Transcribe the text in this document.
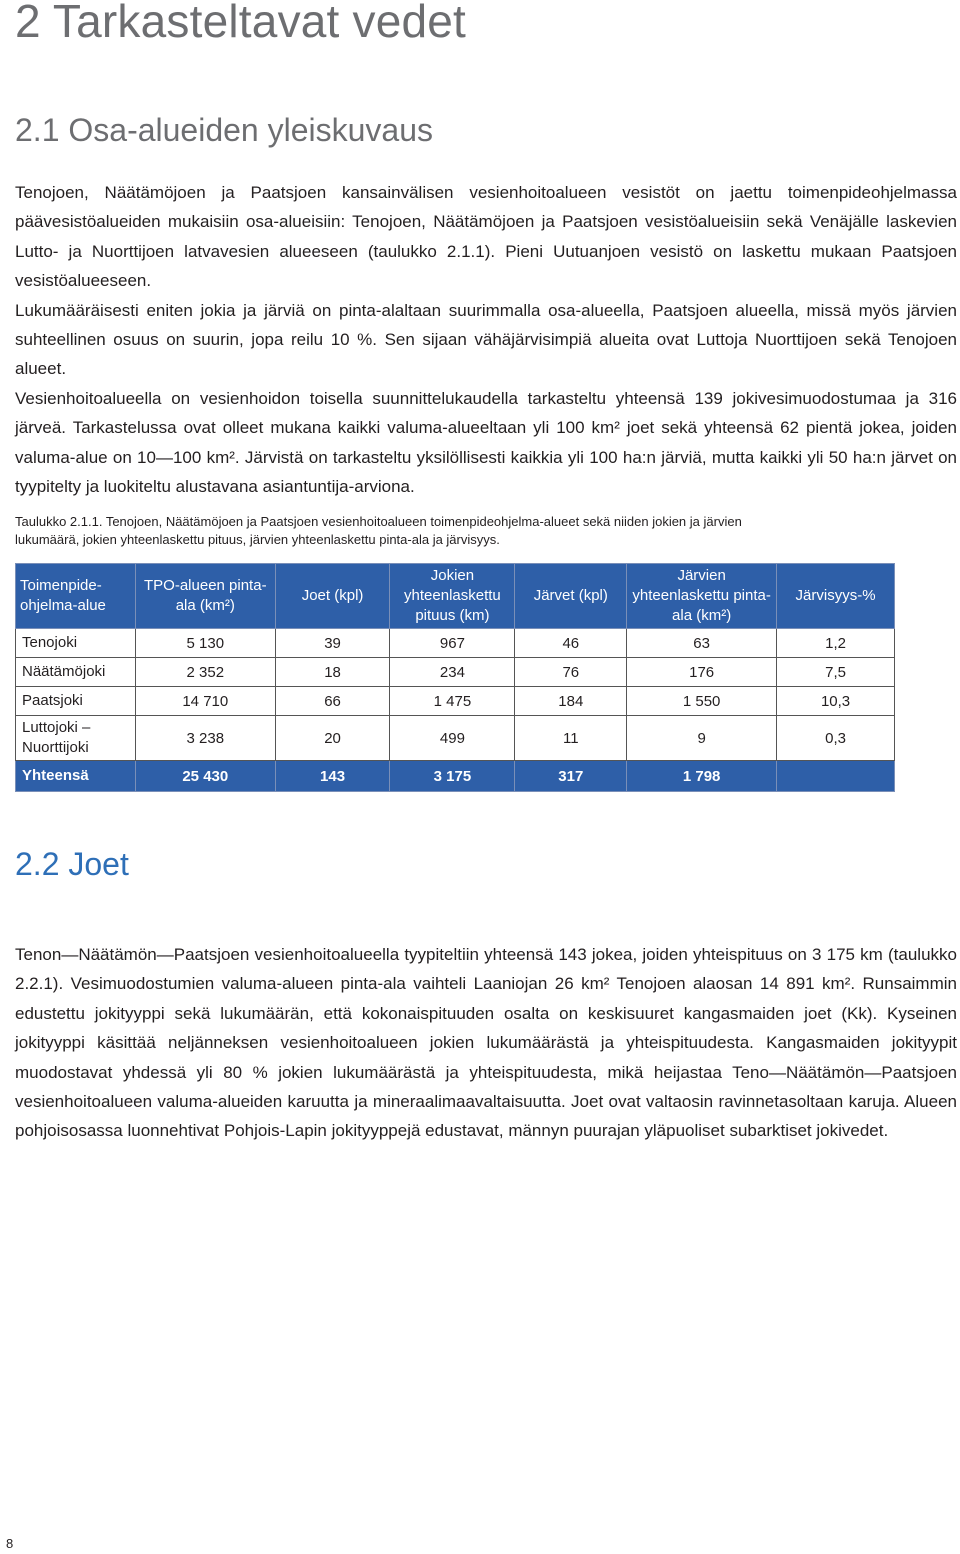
2 Tarkasteltavat vedet
2.1 Osa-alueiden yleiskuvaus

Tenojoen, Näätämöjoen ja Paatsjoen kansainvälisen vesienhoitoalueen vesistöt on jaettu toimenpideohjelmassa päävesistöalueiden mukaisiin osa-alueisiin: Tenojoen, Näätämöjoen ja Paatsjoen vesistöalueisiin sekä Venäjälle laskevien Lutto- ja Nuorttijoen latvavesien alueeseen (taulukko 2.1.1). Pieni Uutuanjoen vesistö on laskettu mukaan Paatsjoen vesistöalueeseen.

Lukumääräisesti eniten jokia ja järviä on pinta-alaltaan suurimmalla osa-alueella, Paatsjoen alueella, missä myös järvien suhteellinen osuus on suurin, jopa reilu 10 %. Sen sijaan vähäjärvisimpiä alueita ovat Luttoja Nuorttijoen sekä Tenojoen alueet.

Vesienhoitoalueella on vesienhoidon toisella suunnittelukaudella tarkasteltu yhteensä 139 jokivesimuodostumaa ja 316 järveä. Tarkastelussa ovat olleet mukana kaikki valuma-alueeltaan yli 100 km² joet sekä yhteensä 62 pientä jokea, joiden valuma-alue on 10—100 km². Järvistä on tarkasteltu yksilöllisesti kaikkia yli 100 ha:n järviä, mutta kaikki yli 50 ha:n järvet on tyypitelty ja luokiteltu alustavana asiantuntija-arviona.

Taulukko 2.1.1. Tenojoen, Näätämöjoen ja Paatsjoen vesienhoitoalueen toimenpideohjelma-alueet sekä niiden jokien ja järvien
lukumäärä, jokien yhteenlaskettu pituus, järvien yhteenlaskettu pinta-ala ja järvisyys.
Toimenpide-ohjelma-alue	TPO-alueen pinta-ala (km²)	Joet (kpl)	Jokien yhteenlaskettu pituus (km)	Järvet (kpl)	Järvien yhteenlaskettu pinta-ala (km²)	Järvisyys-%
Tenojoki	5 130	39	967	46	63	1,2
Näätämöjoki	2 352	18	234	76	176	7,5
Paatsjoki	14 710	66	1 475	184	1 550	10,3
Luttojoki – Nuorttijoki	3 238	20	499	11	9	0,3
Yhteensä	25 430	143	3 175	317	1 798	
2.2 Joet

Tenon—Näätämön—Paatsjoen vesienhoitoalueella tyypiteltiin yhteensä 143 jokea, joiden yhteispituus on 3 175 km (taulukko 2.2.1). Vesimuodostumien valuma-alueen pinta-ala vaihteli Laaniojan 26 km² Tenojoen alaosan 14 891 km². Runsaimmin edustettu jokityyppi sekä lukumäärän, että kokonaispituuden osalta on keskisuuret kangasmaiden joet (Kk). Kyseinen jokityyppi käsittää neljänneksen vesienhoitoalueen jokien lukumäärästä ja yhteispituudesta. Kangasmaiden jokityypit muodostavat yhdessä yli 80 % jokien lukumäärästä ja yhteispituudesta, mikä heijastaa Teno—Näätämön—Paatsjoen vesienhoitoalueen valuma-alueiden karuutta ja mineraalimaavaltaisuutta. Joet ovat valtaosin ravinnetasoltaan karuja. Alueen pohjoisosassa luonnehtivat Pohjois-Lapin jokityyppejä edustavat, männyn puurajan yläpuoliset subarktiset jokivedet.

8
